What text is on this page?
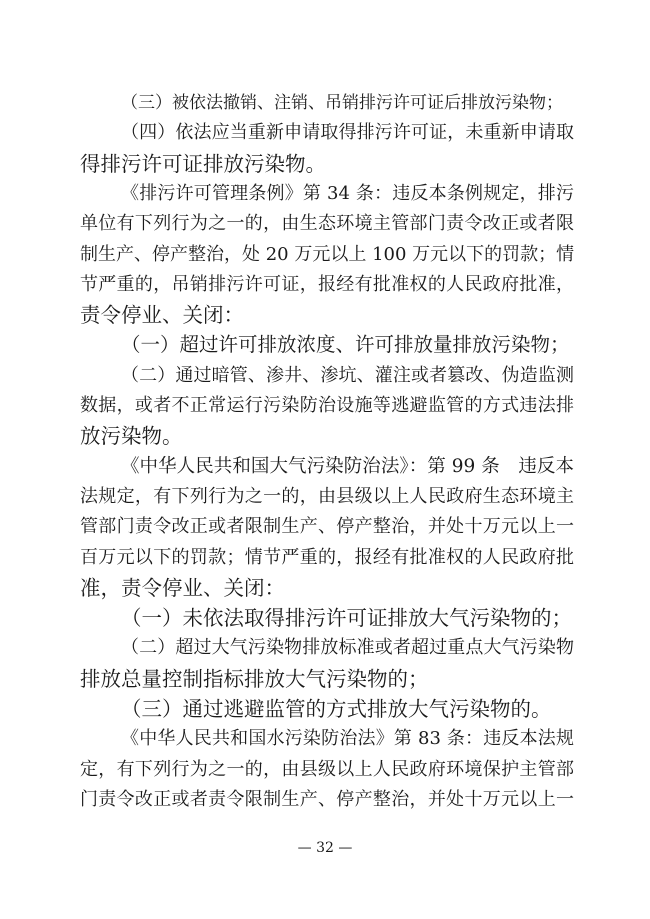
（三）被依法撤销、注销、吊销排污许可证后排放污染物；
（四）依法应当重新申请取得排污许可证，未重新申请取
得排污许可证排放污染物。
《排污许可管理条例》第 34 条：违反本条例规定，排污
单位有下列行为之一的，由生态环境主管部门责令改正或者限
制生产、停产整治，处 20 万元以上 100 万元以下的罚款；情
节严重的，吊销排污许可证，报经有批准权的人民政府批准，
责令停业、关闭：
（一）超过许可排放浓度、许可排放量排放污染物；
（二）通过暗管、渗井、渗坑、灌注或者篡改、伪造监测
数据，或者不正常运行污染防治设施等逃避监管的方式违法排
放污染物。
《中华人民共和国大气污染防治法》：第 99 条　违反本
法规定，有下列行为之一的，由县级以上人民政府生态环境主
管部门责令改正或者限制生产、停产整治，并处十万元以上一
百万元以下的罚款；情节严重的，报经有批准权的人民政府批
准，责令停业、关闭：
（一）未依法取得排污许可证排放大气污染物的；
（二）超过大气污染物排放标准或者超过重点大气污染物
排放总量控制指标排放大气污染物的；
（三）通过逃避监管的方式排放大气污染物的。
《中华人民共和国水污染防治法》第 83 条：违反本法规
定，有下列行为之一的，由县级以上人民政府环境保护主管部
门责令改正或者责令限制生产、停产整治，并处十万元以上一
— 32 —
